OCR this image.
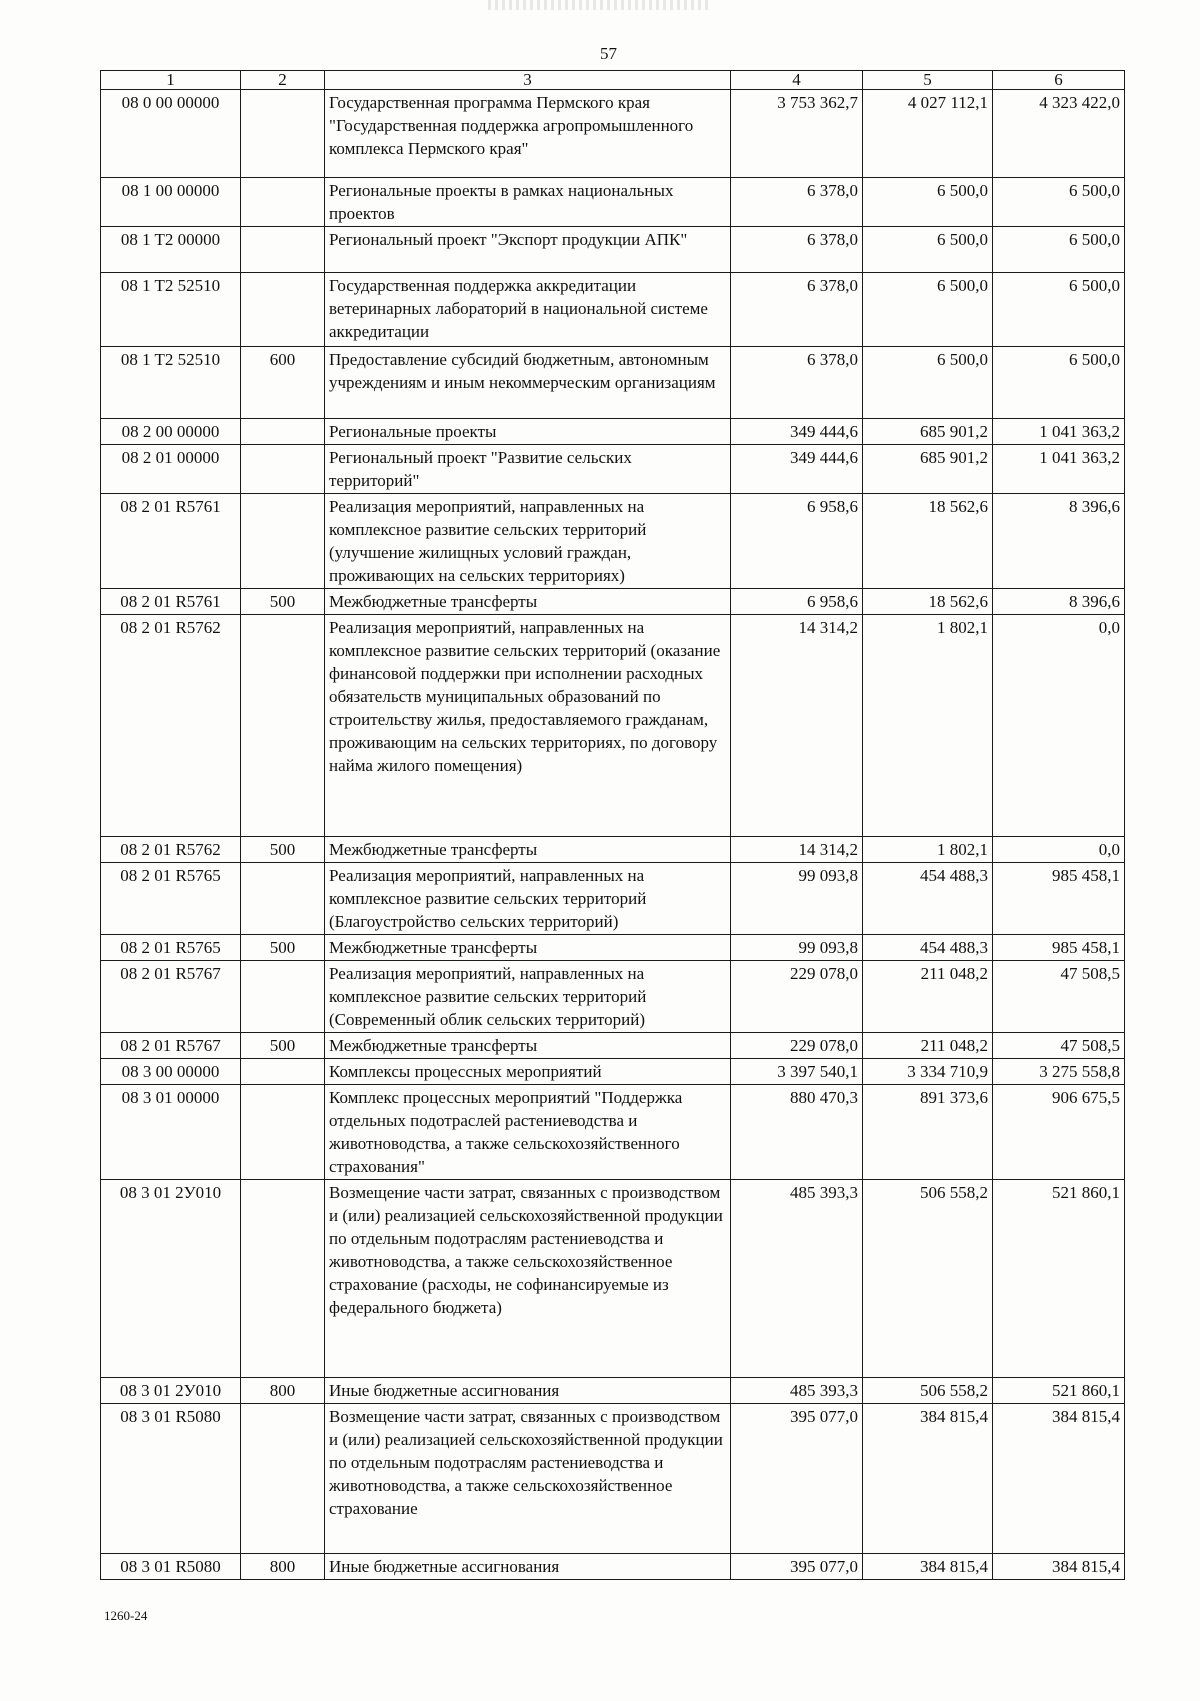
57
1	2	3	4	5	6
08 0 00 00000		Государственная программа Пермского края "Государственная поддержка агропромышленного комплекса Пермского края"	3 753 362,7	4 027 112,1	4 323 422,0
08 1 00 00000		Региональные проекты в рамках национальных проектов	6 378,0	6 500,0	6 500,0
08 1 T2 00000		Региональный проект "Экспорт продукции АПК"	6 378,0	6 500,0	6 500,0
08 1 T2 52510		Государственная поддержка аккредитации ветеринарных лабораторий в национальной системе аккредитации	6 378,0	6 500,0	6 500,0
08 1 T2 52510	600	Предоставление субсидий бюджетным, автономным учреждениям и иным некоммерческим организациям	6 378,0	6 500,0	6 500,0
08 2 00 00000		Региональные проекты	349 444,6	685 901,2	1 041 363,2
08 2 01 00000		Региональный проект "Развитие сельских территорий"	349 444,6	685 901,2	1 041 363,2
08 2 01 R5761		Реализация мероприятий, направленных на комплексное развитие сельских территорий (улучшение жилищных условий граждан, проживающих на сельских территориях)	6 958,6	18 562,6	8 396,6
08 2 01 R5761	500	Межбюджетные трансферты	6 958,6	18 562,6	8 396,6
08 2 01 R5762		Реализация мероприятий, направленных на комплексное развитие сельских территорий (оказание финансовой поддержки при исполнении расходных обязательств муниципальных образований по строительству жилья, предоставляемого гражданам, проживающим на сельских территориях, по договору найма жилого помещения)	14 314,2	1 802,1	0,0
08 2 01 R5762	500	Межбюджетные трансферты	14 314,2	1 802,1	0,0
08 2 01 R5765		Реализация мероприятий, направленных на комплексное развитие сельских территорий (Благоустройство сельских территорий)	99 093,8	454 488,3	985 458,1
08 2 01 R5765	500	Межбюджетные трансферты	99 093,8	454 488,3	985 458,1
08 2 01 R5767		Реализация мероприятий, направленных на комплексное развитие сельских территорий (Современный облик сельских территорий)	229 078,0	211 048,2	47 508,5
08 2 01 R5767	500	Межбюджетные трансферты	229 078,0	211 048,2	47 508,5
08 3 00 00000		Комплексы процессных мероприятий	3 397 540,1	3 334 710,9	3 275 558,8
08 3 01 00000		Комплекс процессных мероприятий "Поддержка отдельных подотраслей растениеводства и животноводства, а также сельскохозяйственного страхования"	880 470,3	891 373,6	906 675,5
08 3 01 2У010		Возмещение части затрат, связанных с производством и (или) реализацией сельскохозяйственной продукции по отдельным подотраслям растениеводства и животноводства, а также сельскохозяйственное страхование (расходы, не софинансируемые из федерального бюджета)	485 393,3	506 558,2	521 860,1
08 3 01 2У010	800	Иные бюджетные ассигнования	485 393,3	506 558,2	521 860,1
08 3 01 R5080		Возмещение части затрат, связанных с производством и (или) реализацией сельскохозяйственной продукции по отдельным подотраслям растениеводства и животноводства, а также сельскохозяйственное страхование	395 077,0	384 815,4	384 815,4
08 3 01 R5080	800	Иные бюджетные ассигнования	395 077,0	384 815,4	384 815,4
1260-24
